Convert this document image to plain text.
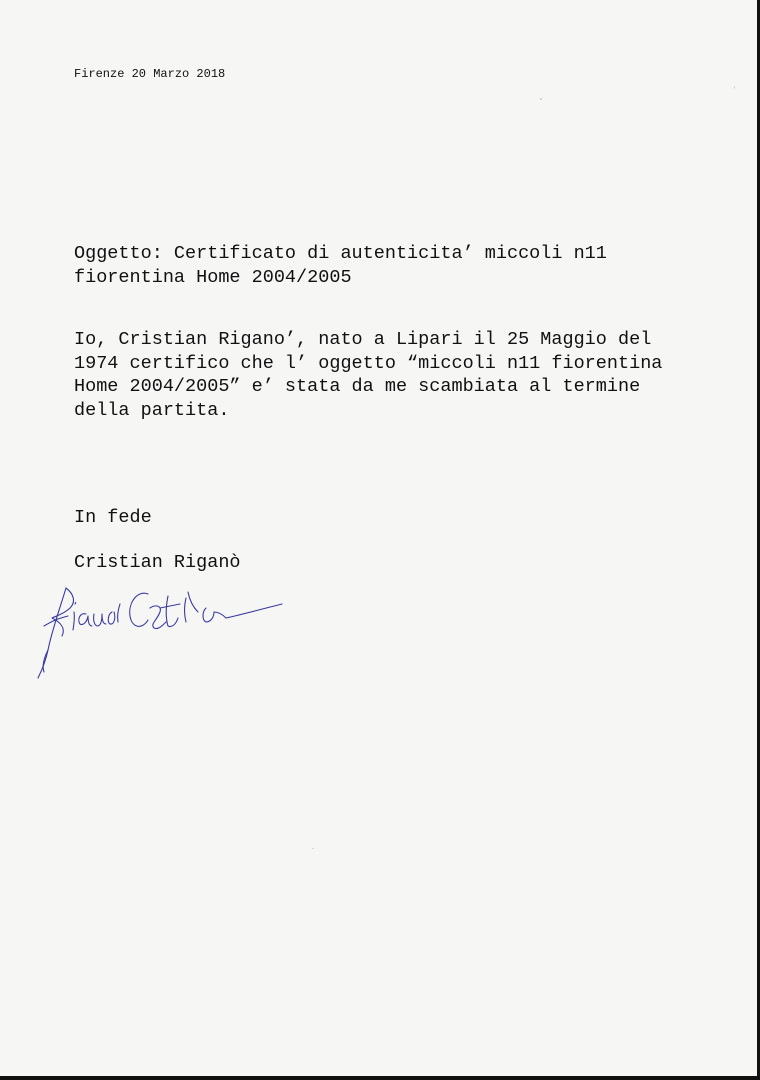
Firenze 20 Marzo 2018

Oggetto: Certificato di autenticita’ miccoli n11
fiorentina Home 2004/2005

Io, Cristian Rigano’, nato a Lipari il 25 Maggio del
1974 certifico che l’ oggetto “miccoli n11 fiorentina
Home 2004/2005” e’ stata da me scambiata al termine
della partita.

In fede

Cristian Riganò
